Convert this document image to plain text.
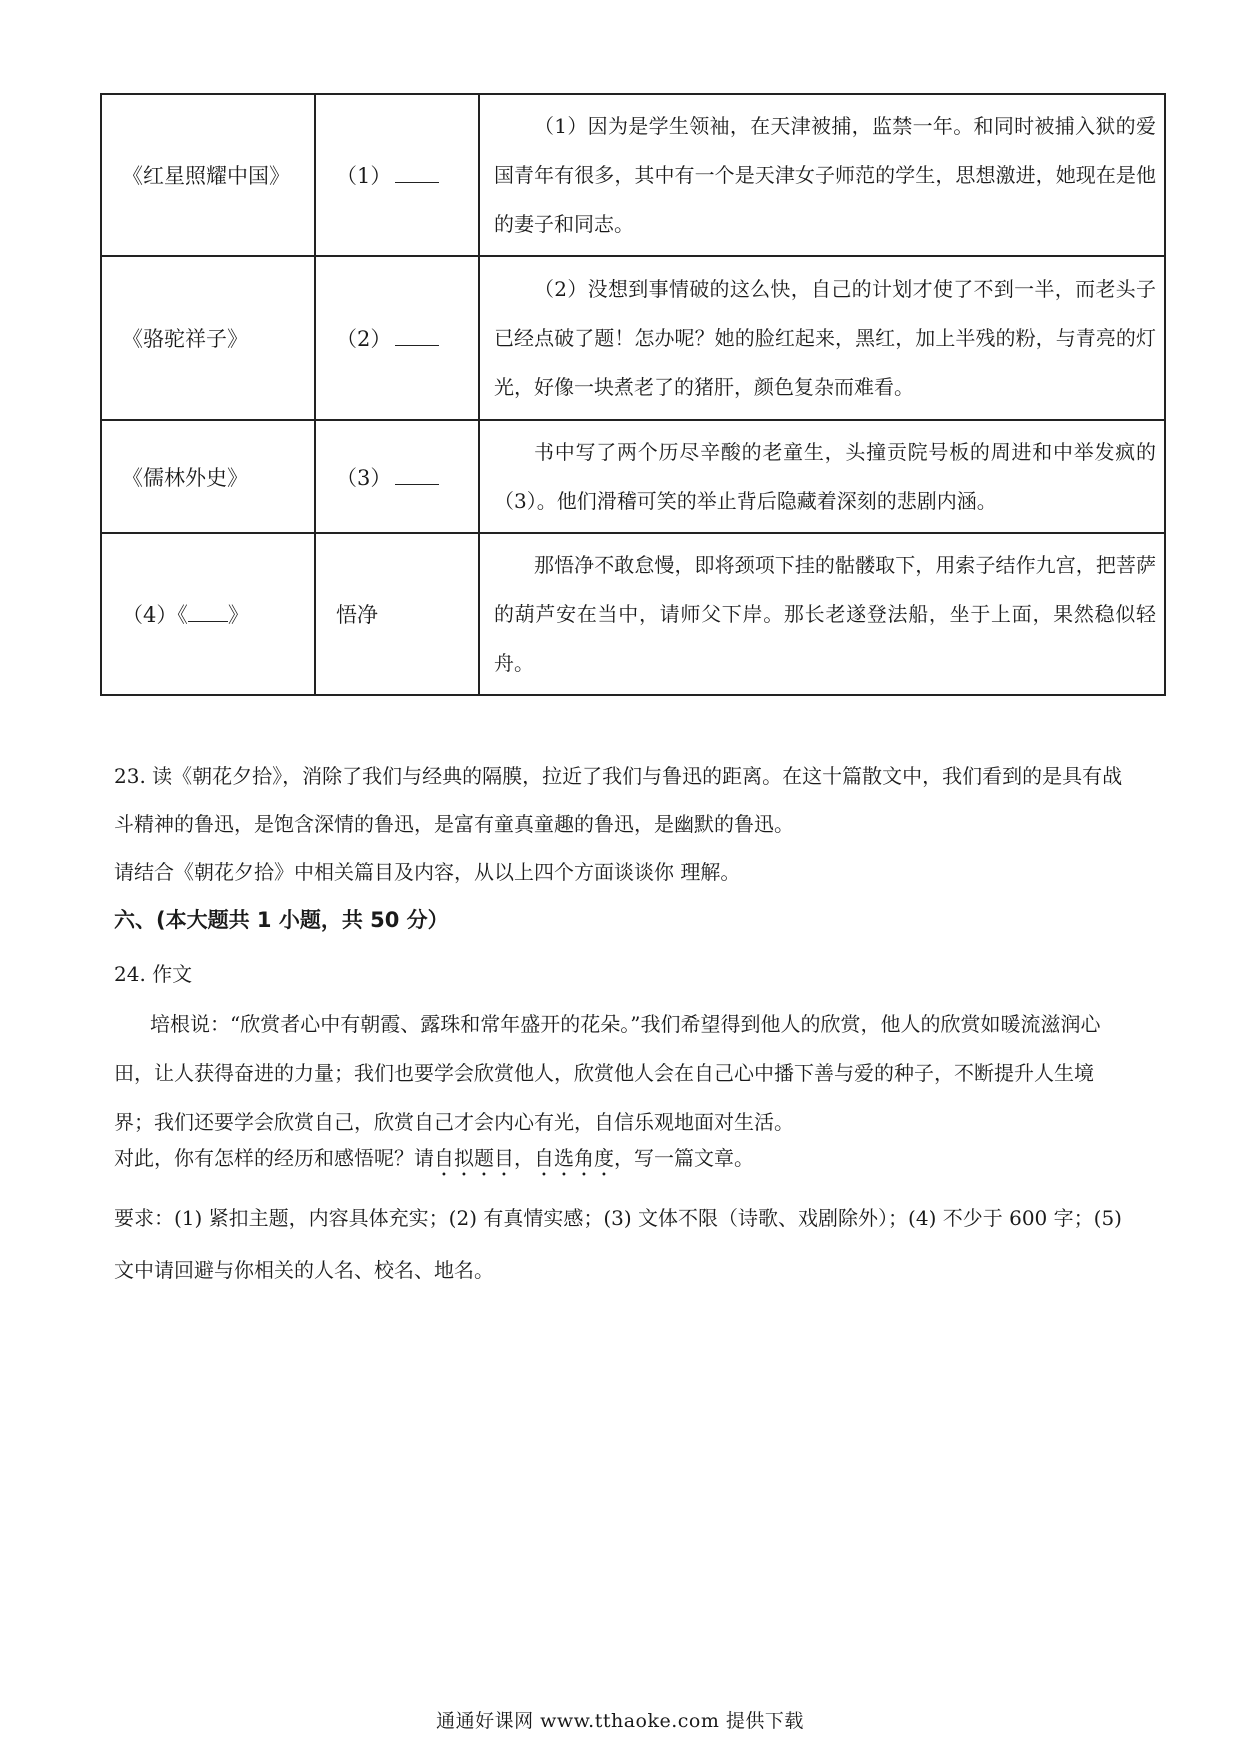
《红星照耀中国》	（1）	（1）因为是学生领袖，在天津被捕，监禁一年。和同时被捕入狱的爱国青年有很多，其中有一个是天津女子师范的学生，思想激进，她现在是他的妻子和同志。
《骆驼祥子》	（2）	（2）没想到事情破的这么快，自己的计划才使了不到一半，而老头子已经点破了题！怎办呢？她的脸红起来，黑红，加上半残的粉，与青亮的灯光，好像一块煮老了的猪肝，颜色复杂而难看。
《儒林外史》	（3）	书中写了两个历尽辛酸的老童生，头撞贡院号板的周进和中举发疯的（3）。他们滑稽可笑的举止背后隐藏着深刻的悲剧内涵。
（4）《 》	悟净	那悟净不敢怠慢，即将颈项下挂的骷髅取下，用索子结作九宫，把菩萨的葫芦安在当中，请师父下岸。那长老遂登法船，坐于上面，果然稳似轻舟。
23. 读《朝花夕拾》，消除了我们与经典的隔膜，拉近了我们与鲁迅的距离。在这十篇散文中，我们看到的是具有战斗精神的鲁迅，是饱含深情的鲁迅，是富有童真童趣的鲁迅，是幽默的鲁迅。
请结合《朝花夕拾》中相关篇目及内容，从以上四个方面谈谈你 理解。
六、(本大题共 1 小题，共 50 分）
24. 作文
培根说：“欣赏者心中有朝霞、露珠和常年盛开的花朵。”我们希望得到他人的欣赏，他人的欣赏如暖流滋润心田，让人获得奋进的力量；我们也要学会欣赏他人，欣赏他人会在自己心中播下善与爱的种子，不断提升人生境界；我们还要学会欣赏自己，欣赏自己才会内心有光，自信乐观地面对生活。
对此，你有怎样的经历和感悟呢？请自拟题目，自选角度，写一篇文章。
要求：(1) 紧扣主题，内容具体充实；(2) 有真情实感；(3) 文体不限（诗歌、戏剧除外）；(4) 不少于 600 字；(5) 文中请回避与你相关的人名、校名、地名。
通通好课网 www.tthaoke.com 提供下载
